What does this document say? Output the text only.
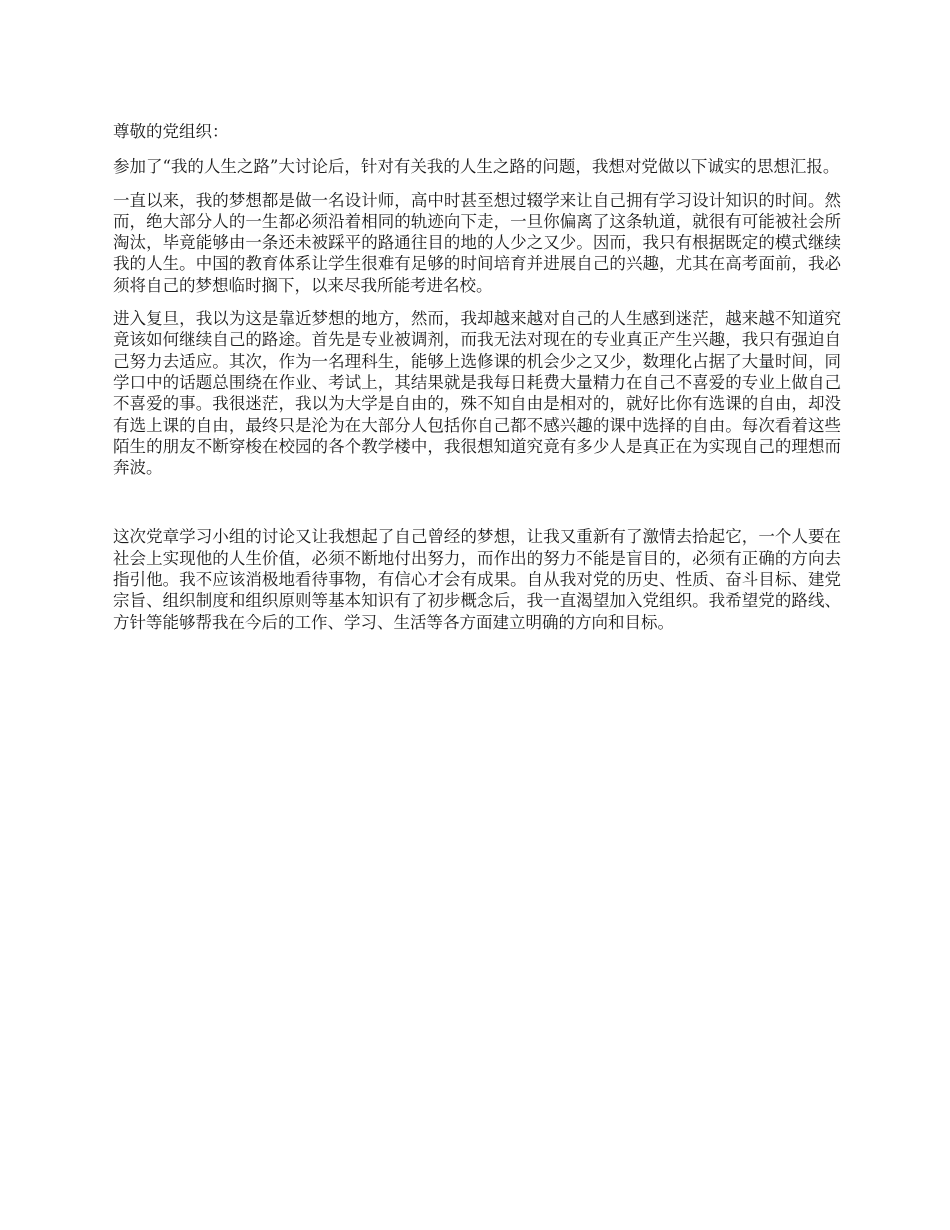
尊敬的党组织：

参加了“我的人生之路”大讨论后，针对有关我的人生之路的问题，我想对党做以下诚实的思想汇报。

一直以来，我的梦想都是做一名设计师，高中时甚至想过辍学来让自己拥有学习设计知识的时间。然而，绝大部分人的一生都必须沿着相同的轨迹向下走，一旦你偏离了这条轨道，就很有可能被社会所淘汰，毕竟能够由一条还未被踩平的路通往目的地的人少之又少。因而，我只有根据既定的模式继续我的人生。中国的教育体系让学生很难有足够的时间培育并进展自己的兴趣，尤其在高考面前，我必须将自己的梦想临时搁下，以来尽我所能考进名校。

进入复旦，我以为这是靠近梦想的地方，然而，我却越来越对自己的人生感到迷茫，越来越不知道究竟该如何继续自己的路途。首先是专业被调剂，而我无法对现在的专业真正产生兴趣，我只有强迫自己努力去适应。其次，作为一名理科生，能够上选修课的机会少之又少，数理化占据了大量时间，同学口中的话题总围绕在作业、考试上，其结果就是我每日耗费大量精力在自己不喜爱的专业上做自己不喜爱的事。我很迷茫，我以为大学是自由的，殊不知自由是相对的，就好比你有选课的自由，却没有选上课的自由，最终只是沦为在大部分人包括你自己都不感兴趣的课中选择的自由。每次看着这些陌生的朋友不断穿梭在校园的各个教学楼中，我很想知道究竟有多少人是真正在为实现自己的理想而奔波。

这次党章学习小组的讨论又让我想起了自己曾经的梦想，让我又重新有了激情去拾起它，一个人要在社会上实现他的人生价值，必须不断地付出努力，而作出的努力不能是盲目的，必须有正确的方向去指引他。我不应该消极地看待事物，有信心才会有成果。自从我对党的历史、性质、奋斗目标、建党宗旨、组织制度和组织原则等基本知识有了初步概念后，我一直渴望加入党组织。我希望党的路线、方针等能够帮我在今后的工作、学习、生活等各方面建立明确的方向和目标。
